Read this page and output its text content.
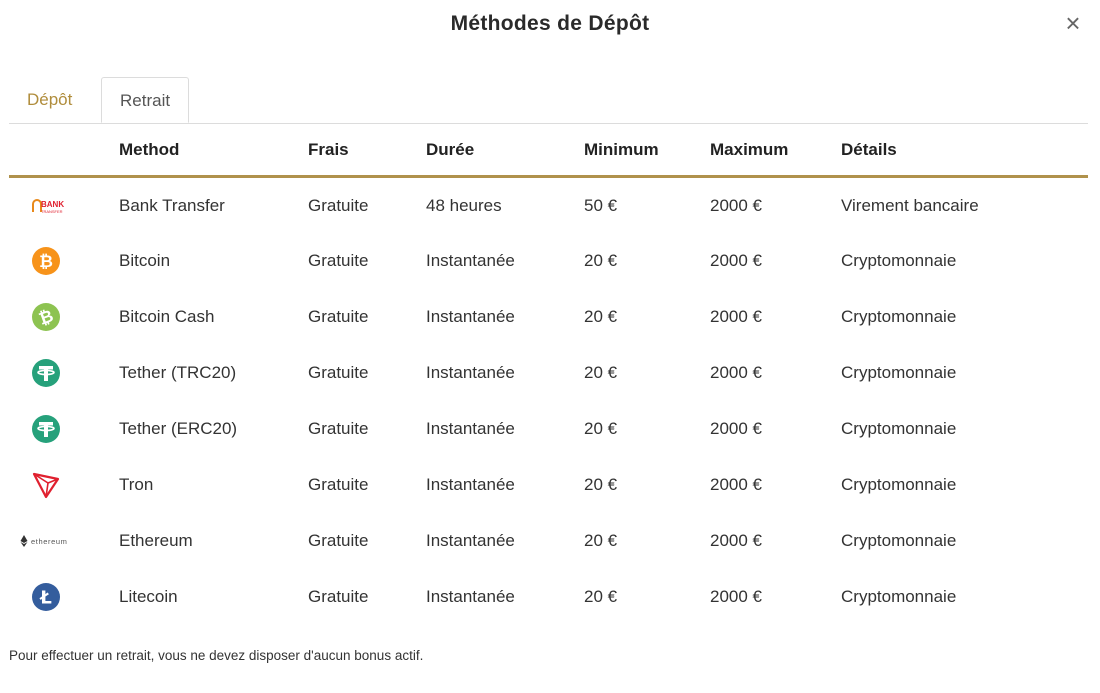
Méthodes de Dépôt	×
Dépôt	Retrait
	Method	Frais	Durée	Minimum	Maximum	Détails

BANK
TRANSFER	Bank Transfer	Gratuite	48 heures	50 €	2000 €	Virement bancaire

₿	Bitcoin	Gratuite	Instantanée	20 €	2000 €	Cryptomonnaie

₿	Bitcoin Cash	Gratuite	Instantanée	20 €	2000 €	Cryptomonnaie

	Tether (TRC20)	Gratuite	Instantanée	20 €	2000 €	Cryptomonnaie

	Tether (ERC20)	Gratuite	Instantanée	20 €	2000 €	Cryptomonnaie

	Tron	Gratuite	Instantanée	20 €	2000 €	Cryptomonnaie

ethereum	Ethereum	Gratuite	Instantanée	20 €	2000 €	Cryptomonnaie

Ł	Litecoin	Gratuite	Instantanée	20 €	2000 €	Cryptomonnaie
Pour effectuer un retrait, vous ne devez disposer d'aucun bonus actif.
